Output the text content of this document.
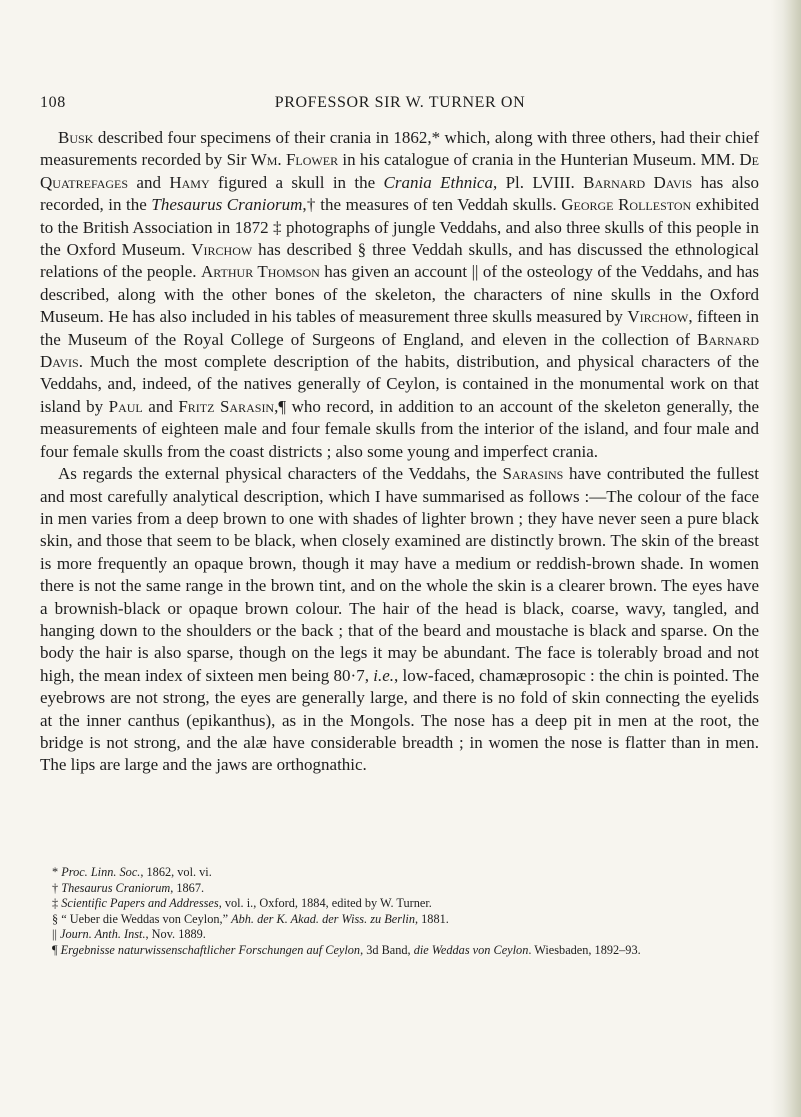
108	PROFESSOR SIR W. TURNER ON

Busk described four specimens of their crania in 1862,* which, along with three others, had their chief measurements recorded by Sir Wm. Flower in his catalogue of crania in the Hunterian Museum. MM. De Quatrefages and Hamy figured a skull in the Crania Ethnica, Pl. LVIII. Barnard Davis has also recorded, in the Thesaurus Craniorum,† the measures of ten Veddah skulls. George Rolleston exhibited to the British Association in 1872 ‡ photographs of jungle Veddahs, and also three skulls of this people in the Oxford Museum. Virchow has described § three Veddah skulls, and has discussed the ethnological relations of the people. Arthur Thomson has given an account || of the osteology of the Veddahs, and has described, along with the other bones of the skeleton, the characters of nine skulls in the Oxford Museum. He has also included in his tables of measurement three skulls measured by Virchow, fifteen in the Museum of the Royal College of Surgeons of England, and eleven in the collection of Barnard Davis. Much the most complete description of the habits, distribution, and physical characters of the Veddahs, and, indeed, of the natives generally of Ceylon, is contained in the monumental work on that island by Paul and Fritz Sarasin,¶ who record, in addition to an account of the skeleton generally, the measurements of eighteen male and four female skulls from the interior of the island, and four male and four female skulls from the coast districts ; also some young and imperfect crania.

As regards the external physical characters of the Veddahs, the Sarasins have contributed the fullest and most carefully analytical description, which I have summarised as follows :—The colour of the face in men varies from a deep brown to one with shades of lighter brown ; they have never seen a pure black skin, and those that seem to be black, when closely examined are distinctly brown. The skin of the breast is more frequently an opaque brown, though it may have a medium or reddish-brown shade. In women there is not the same range in the brown tint, and on the whole the skin is a clearer brown. The eyes have a brownish-black or opaque brown colour. The hair of the head is black, coarse, wavy, tangled, and hanging down to the shoulders or the back ; that of the beard and moustache is black and sparse. On the body the hair is also sparse, though on the legs it may be abundant. The face is tolerably broad and not high, the mean index of sixteen men being 80·7, i.e., low-faced, chamæprosopic : the chin is pointed. The eyebrows are not strong, the eyes are generally large, and there is no fold of skin connecting the eyelids at the inner canthus (epikanthus), as in the Mongols. The nose has a deep pit in men at the root, the bridge is not strong, and the alæ have considerable breadth ; in women the nose is flatter than in men. The lips are large and the jaws are orthognathic.

* Proc. Linn. Soc., 1862, vol. vi.
† Thesaurus Craniorum, 1867.
‡ Scientific Papers and Addresses, vol. i., Oxford, 1884, edited by W. Turner.
§ “ Ueber die Weddas von Ceylon,” Abh. der K. Akad. der Wiss. zu Berlin, 1881.
|| Journ. Anth. Inst., Nov. 1889.
¶ Ergebnisse naturwissenschaftlicher Forschungen auf Ceylon, 3d Band, die Weddas von Ceylon. Wiesbaden, 1892–93.
